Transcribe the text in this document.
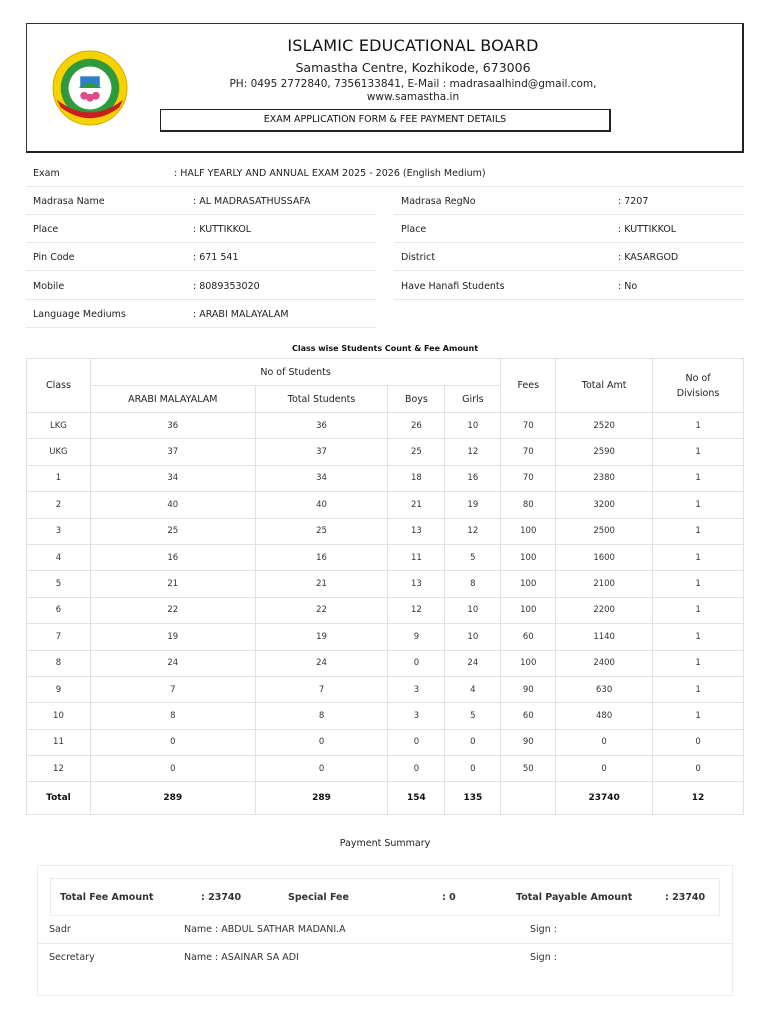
ISLAMIC EDUCATIONAL BOARD
Samastha Centre, Kozhikode, 673006
PH: 0495 2772840, 7356133841, E-Mail : madrasaalhind@gmail.com,
www.samastha.in
EXAM APPLICATION FORM & FEE PAYMENT DETAILS
Exam	: HALF YEARLY AND ANNUAL EXAM 2025 - 2026 (English Medium)
Madrasa Name	: AL MADRASATHUSSAFA
Place	: KUTTIKKOL
Pin Code	: 671 541
Mobile	: 8089353020
Language Mediums	: ARABI MALAYALAM
Madrasa RegNo	: 7207
Place	: KUTTIKKOL
District	: KASARGOD
Have Hanafi Students	: No
Class wise Students Count & Fee Amount
Class	No of Students				Fees	Total Amt	No of
Divisions

	ARABI MALAYALAM	Total Students	Boys	Girls			
LKG	36	36	26	10	70	2520	1
UKG	37	37	25	12	70	2590	1
1	34	34	18	16	70	2380	1
2	40	40	21	19	80	3200	1
3	25	25	13	12	100	2500	1
4	16	16	11	5	100	1600	1
5	21	21	13	8	100	2100	1
6	22	22	12	10	100	2200	1
7	19	19	9	10	60	1140	1
8	24	24	0	24	100	2400	1
9	7	7	3	4	90	630	1
10	8	8	3	5	60	480	1
11	0	0	0	0	90	0	0
12	0	0	0	0	50	0	0
Total	289	289	154	135		23740	12
Payment Summary
Total Fee Amount	: 23740	Special Fee	: 0	Total Payable Amount	: 23740
Sadr	Name : ABDUL SATHAR MADANI.A	Sign :
Secretary	Name : ASAINAR SA ADI	Sign :
